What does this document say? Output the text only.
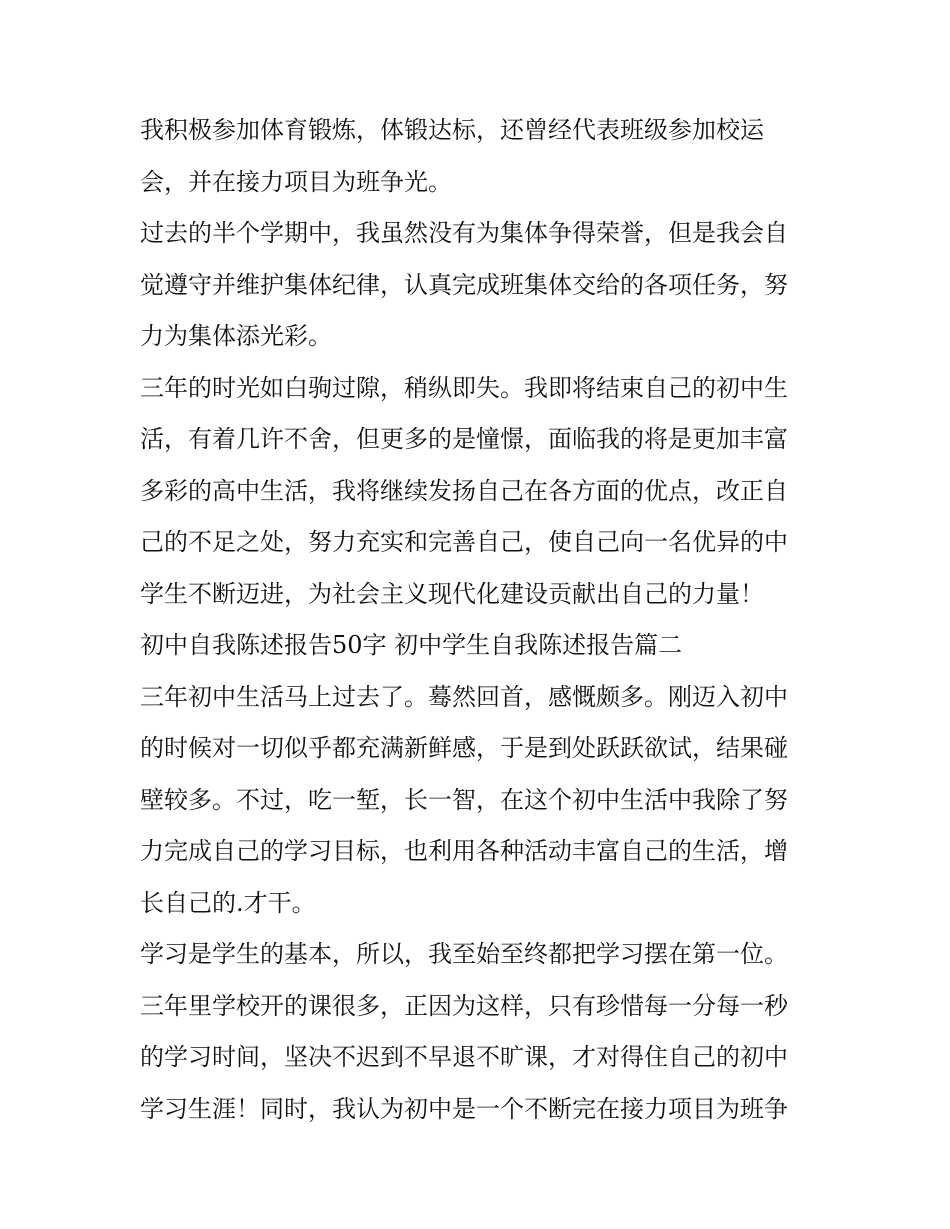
我积极参加体育锻炼，体锻达标，还曾经代表班级参加校运
会，并在接力项目为班争光。
过去的半个学期中，我虽然没有为集体争得荣誉，但是我会自
觉遵守并维护集体纪律，认真完成班集体交给的各项任务，努
力为集体添光彩。
三年的时光如白驹过隙，稍纵即失。我即将结束自己的初中生
活，有着几许不舍，但更多的是憧憬，面临我的将是更加丰富
多彩的高中生活，我将继续发扬自己在各方面的优点，改正自
己的不足之处，努力充实和完善自己，使自己向一名优异的中
学生不断迈进，为社会主义现代化建设贡献出自己的力量！
初中自我陈述报告50字 初中学生自我陈述报告篇二
三年初中生活马上过去了。蓦然回首，感慨颇多。刚迈入初中
的时候对一切似乎都充满新鲜感，于是到处跃跃欲试，结果碰
壁较多。不过，吃一堑，长一智，在这个初中生活中我除了努
力完成自己的学习目标，也利用各种活动丰富自己的生活，增
长自己的.才干。
学习是学生的基本，所以，我至始至终都把学习摆在第一位。
三年里学校开的课很多，正因为这样，只有珍惜每一分每一秒
的学习时间，坚决不迟到不早退不旷课，才对得住自己的初中
学习生涯！同时，我认为初中是一个不断完在接力项目为班争
